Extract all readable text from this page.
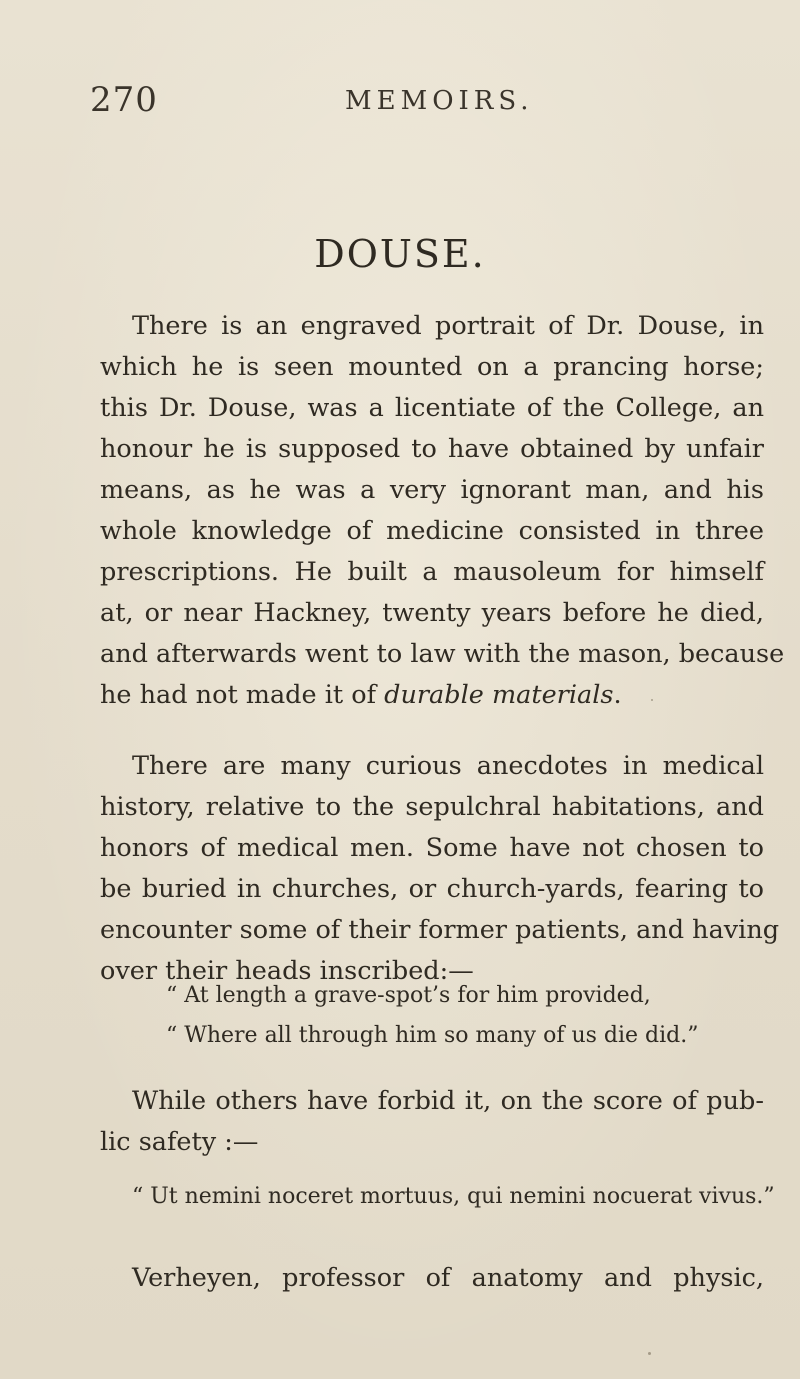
270	MEMOIRS.
DOUSE.

There is an engraved portrait of Dr. Douse, in
which he is seen mounted on a prancing horse;
this Dr. Douse, was a licentiate of the College, an
honour he is supposed to have obtained by unfair
means, as he was a very ignorant man, and his
whole knowledge of medicine consisted in three
prescriptions. He built a mausoleum for himself
at, or near Hackney, twenty years before he died,
and afterwards went to law with the mason, because
he had not made it of durable materials.

There are many curious anecdotes in medical
history, relative to the sepulchral habitations, and
honors of medical men. Some have not chosen to
be buried in churches, or church-yards, fearing to
encounter some of their former patients, and having
over their heads inscribed:—

“ At length a grave-spot’s for him provided,
“ Where all through him so many of us die did.”

While others have forbid it, on the score of pub-
lic safety :—

“ Ut nemini noceret mortuus, qui nemini nocuerat vivus.”

Verheyen, professor of anatomy and physic,
